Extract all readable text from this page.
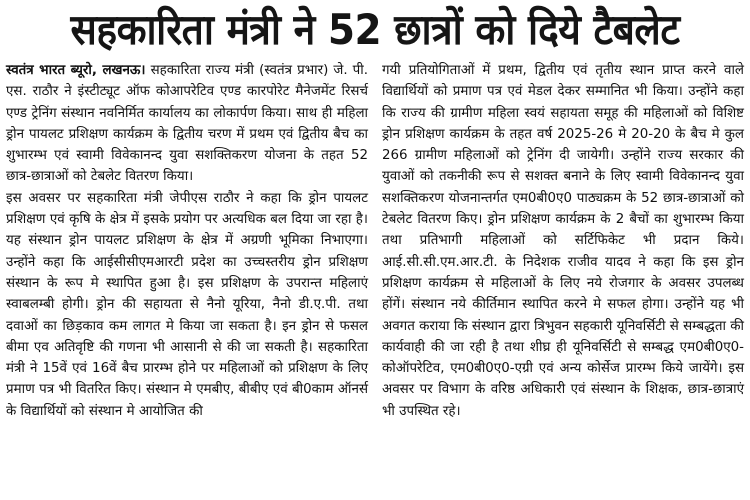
सहकारिता मंत्री ने 52 छात्रों को दिये टैबलेट

स्वतंत्र भारत ब्यूरो, लखनऊ। सहकारिता राज्य मंत्री (स्वतंत्र प्रभार) जे. पी. एस. राठौर ने इंस्टीट्यूट ऑफ कोआपरेटिव एण्ड कारपोरेट मैनेजमेंट रिसर्च एण्ड ट्रेनिंग संस्थान नवनिर्मित कार्यालय का लोकार्पण किया। साथ ही महिला ड्रोन पायलट प्रशिक्षण कार्यक्रम के द्वितीय चरण में प्रथम एवं द्वितीय बैच का शुभारम्भ एवं स्वामी विवेकानन्द युवा सशक्तिकरण योजना के तहत 52 छात्र-छात्राओं को टेबलेट वितरण किया।

इस अवसर पर सहकारिता मंत्री जेपीएस राठौर ने कहा कि ड्रोन पायलट प्रशिक्षण एवं कृषि के क्षेत्र में इसके प्रयोग पर अत्यधिक बल दिया जा रहा है। यह संस्थान ड्रोन पायलट प्रशिक्षण के क्षेत्र में अग्रणी भूमिका निभाएगा। उन्होंने कहा कि आईसीसीएमआरटी प्रदेश का उच्चस्तरीय ड्रोन प्रशिक्षण संस्थान के रूप मे स्थापित हुआ है। इस प्रशिक्षण के उपरान्त महिलाएं स्वाबलम्बी होगी। ड्रोन की सहायता से नैनो यूरिया, नैनो डी.ए.पी. तथा दवाओं का छिड़काव कम लागत मे किया जा सकता है। इन ड्रोन से फसल बीमा एव अतिवृष्टि की गणना भी आसानी से की जा सकती है। सहकारिता मंत्री ने 15वें एवं 16वें बैच प्रारम्भ होने पर महिलाओं को प्रशिक्षण के लिए प्रमाण पत्र भी वितरित किए। संस्थान मे एमबीए, बीबीए एवं बी0काम ऑनर्स के विद्यार्थियों को संस्थान मे आयोजित की

गयी प्रतियोगिताओं में प्रथम, द्वितीय एवं तृतीय स्थान प्राप्त करने वाले विद्यार्थियों को प्रमाण पत्र एवं मेडल देकर सम्मानित भी किया। उन्होंने कहा कि राज्य की ग्रामीण महिला स्वयं सहायता समूह की महिलाओं को विशिष्ट ड्रोन प्रशिक्षण कार्यक्रम के तहत वर्ष 2025-26 मे 20-20 के बैच मे कुल 266 ग्रामीण महिलाओं को ट्रेनिंग दी जायेगी। उन्होंने राज्य सरकार की युवाओं को तकनीकी रूप से सशक्त बनाने के लिए स्वामी विवेकानन्द युवा सशक्तिकरण योजनान्तर्गत एम0बी0ए0 पाठ्यक्रम के 52 छात्र-छात्राओं को टेबलेट वितरण किए। ड्रोन प्रशिक्षण कार्यक्रम के 2 बैचों का शुभारम्भ किया तथा प्रतिभागी महिलाओं को सर्टिफिकेट भी प्रदान किये। आई.सी.सी.एम.आर.टी. के निदेशक राजीव यादव ने कहा कि इस ड्रोन प्रशिक्षण कार्यक्रम से महिलाओं के लिए नये रोजगार के अवसर उपलब्ध होंगें। संस्थान नये कीर्तिमान स्थापित करने मे सफल होगा। उन्होंने यह भी अवगत कराया कि संस्थान द्वारा त्रिभुवन सहकारी यूनिवर्सिटी से सम्बद्धता की कार्यवाही की जा रही है तथा शीघ्र ही यूनिवर्सिटी से सम्बद्ध एम0बी0ए0-कोऑपरेटिव, एम0बी0ए0-एग्री एवं अन्य कोर्सेज प्रारम्भ किये जायेंगे। इस अवसर पर विभाग के वरिष्ठ अधिकारी एवं संस्थान के शिक्षक, छात्र-छात्राएं भी उपस्थित रहे।
